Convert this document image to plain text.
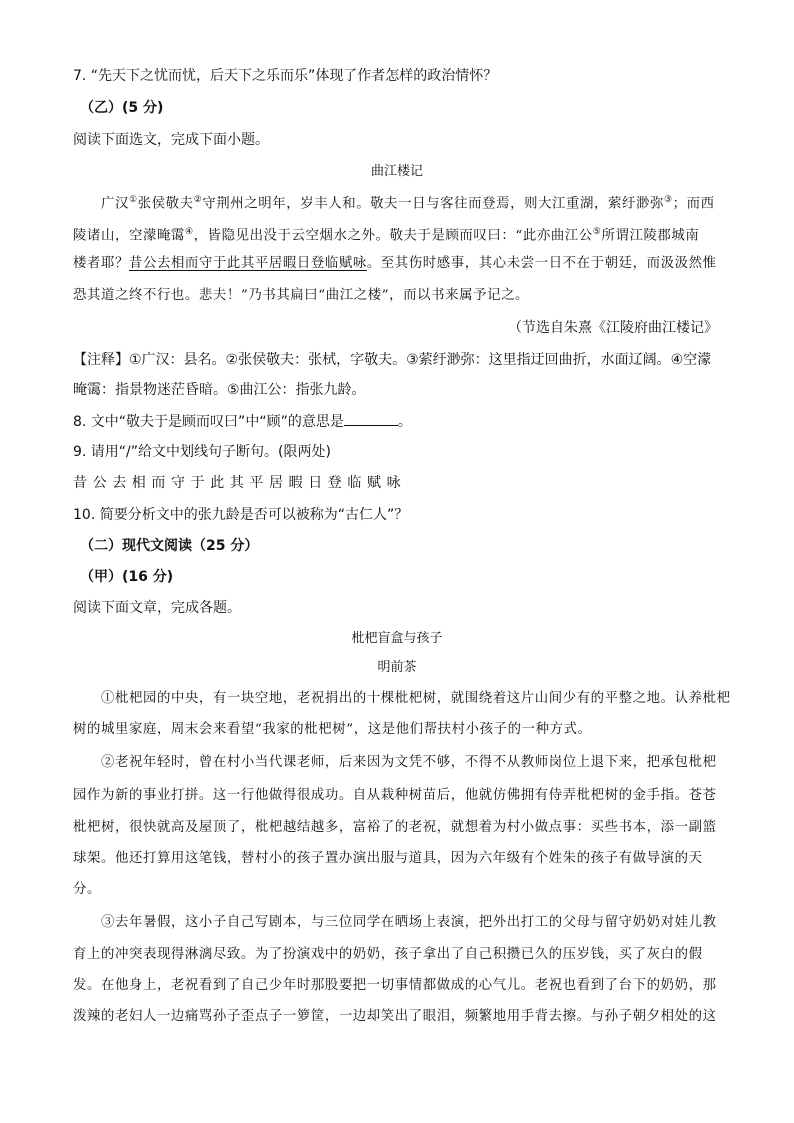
7. “先天下之忧而忧，后天下之乐而乐”体现了作者怎样的政治情怀？
（乙）(5 分)
阅读下面选文，完成下面小题。
曲江楼记
广汉①张侯敬夫②守荆州之明年，岁丰人和。敬夫一日与客往而登焉，则大江重湖，萦纡渺弥③；而西
陵诸山，空濛晻霭④，皆隐见出没于云空烟水之外。敬夫于是顾而叹曰：“此亦曲江公⑤所谓江陵郡城南
楼者耶？昔公去相而守于此其平居暇日登临赋咏。至其伤时感事，其心未尝一日不在于朝廷，而汲汲然惟
恐其道之终不行也。悲夫！”乃书其扁曰“曲江之楼”，而以书来属予记之。
（节选自朱熹《江陵府曲江楼记》
【注释】①广汉：县名。②张侯敬夫：张栻，字敬夫。③萦纡渺弥：这里指迂回曲折，水面辽阔。④空濛
晻霭：指景物迷茫昏暗。⑤曲江公：指张九龄。
8. 文中“敬夫于是顾而叹曰”中“顾”的意思是	。
9. 请用“/”给文中划线句子断句。(限两处)
昔公去相而守于此其平居暇日登临赋咏
10. 简要分析文中的张九龄是否可以被称为“古仁人”？
（二）现代文阅读（25 分）
（甲）(16 分)
阅读下面文章，完成各题。
枇杷盲盒与孩子
明前茶
①枇杷园的中央，有一块空地，老祝捐出的十棵枇杷树，就围绕着这片山间少有的平整之地。认养枇杷
树的城里家庭，周末会来看望“我家的枇杷树”，这是他们帮扶村小孩子的一种方式。
②老祝年轻时，曾在村小当代课老师，后来因为文凭不够，不得不从教师岗位上退下来，把承包枇杷
园作为新的事业打拼。这一行他做得很成功。自从栽种树苗后，他就仿佛拥有侍弄枇杷树的金手指。苍苍
枇杷树，很快就高及屋顶了，枇杷越结越多，富裕了的老祝，就想着为村小做点事：买些书本，添一副篮
球架。他还打算用这笔钱，替村小的孩子置办演出服与道具，因为六年级有个姓朱的孩子有做导演的天
分。
③去年暑假，这小子自己写剧本，与三位同学在晒场上表演，把外出打工的父母与留守奶奶对娃儿教
育上的冲突表现得淋漓尽致。为了扮演戏中的奶奶，孩子拿出了自己积攒已久的压岁钱，买了灰白的假
发。在他身上，老祝看到了自己少年时那股要把一切事情都做成的心气儿。老祝也看到了台下的奶奶，那
泼辣的老妇人一边痛骂孙子歪点子一箩筐，一边却笑出了眼泪，频繁地用手背去擦。与孙子朝夕相处的这
